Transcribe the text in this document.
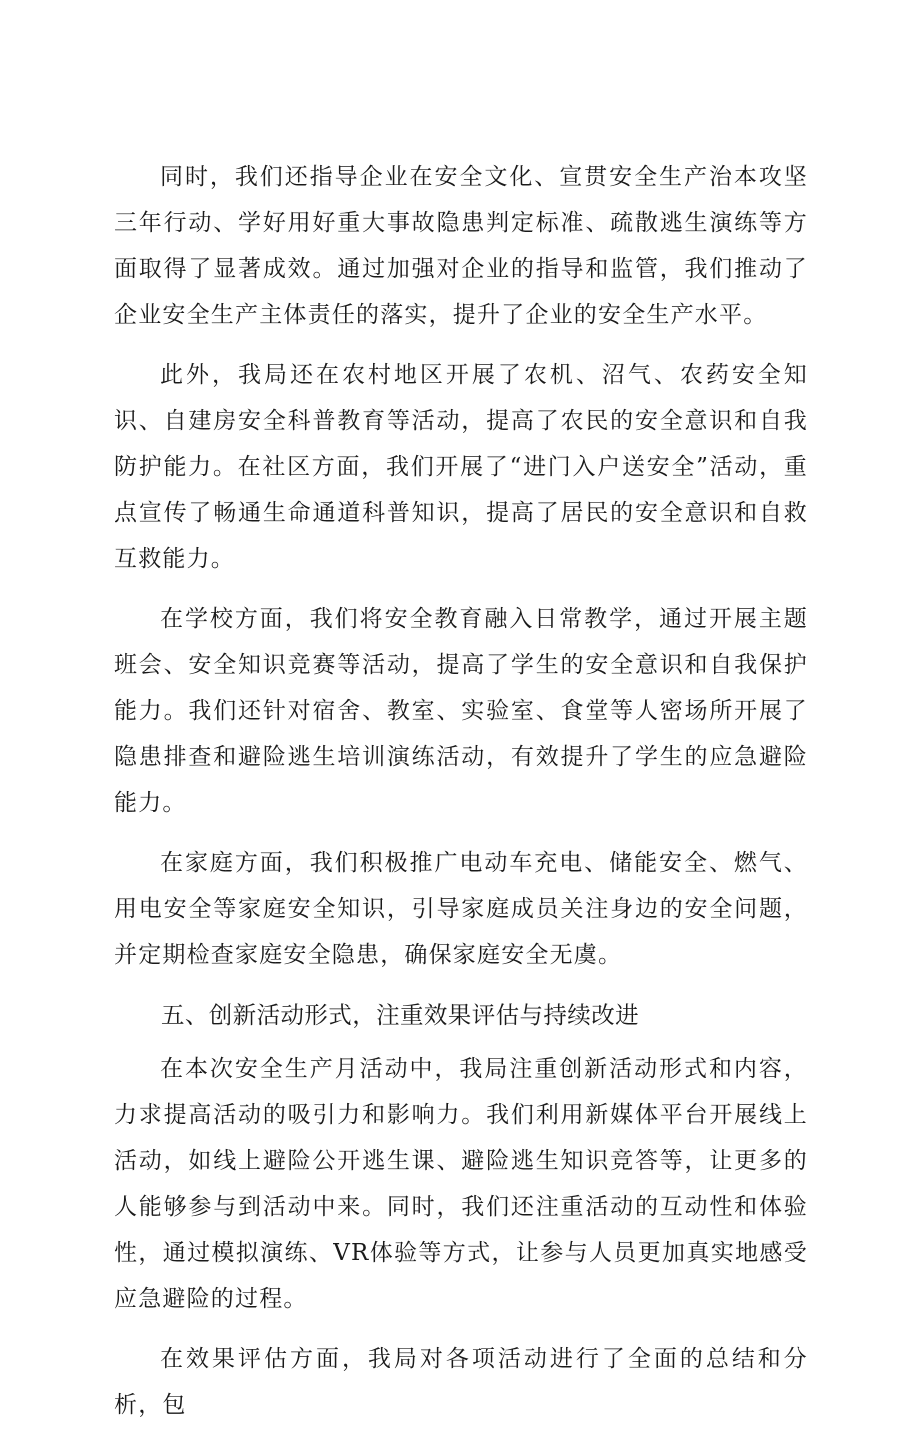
同时，我们还指导企业在安全文化、宣贯安全生产治本攻坚三年行动、学好用好重大事故隐患判定标准、疏散逃生演练等方面取得了显著成效。通过加强对企业的指导和监管，我们推动了企业安全生产主体责任的落实，提升了企业的安全生产水平。

此外，我局还在农村地区开展了农机、沼气、农药安全知识、自建房安全科普教育等活动，提高了农民的安全意识和自我防护能力。在社区方面，我们开展了“进门入户送安全”活动，重点宣传了畅通生命通道科普知识，提高了居民的安全意识和自救互救能力。

在学校方面，我们将安全教育融入日常教学，通过开展主题班会、安全知识竞赛等活动，提高了学生的安全意识和自我保护能力。我们还针对宿舍、教室、实验室、食堂等人密场所开展了隐患排查和避险逃生培训演练活动，有效提升了学生的应急避险能力。

在家庭方面，我们积极推广电动车充电、储能安全、燃气、用电安全等家庭安全知识，引导家庭成员关注身边的安全问题，并定期检查家庭安全隐患，确保家庭安全无虞。

五、创新活动形式，注重效果评估与持续改进

在本次安全生产月活动中，我局注重创新活动形式和内容，力求提高活动的吸引力和影响力。我们利用新媒体平台开展线上活动，如线上避险公开逃生课、避险逃生知识竞答等，让更多的人能够参与到活动中来。同时，我们还注重活动的互动性和体验性，通过模拟演练、VR体验等方式，让参与人员更加真实地感受应急避险的过程。

在效果评估方面，我局对各项活动进行了全面的总结和分析，包
